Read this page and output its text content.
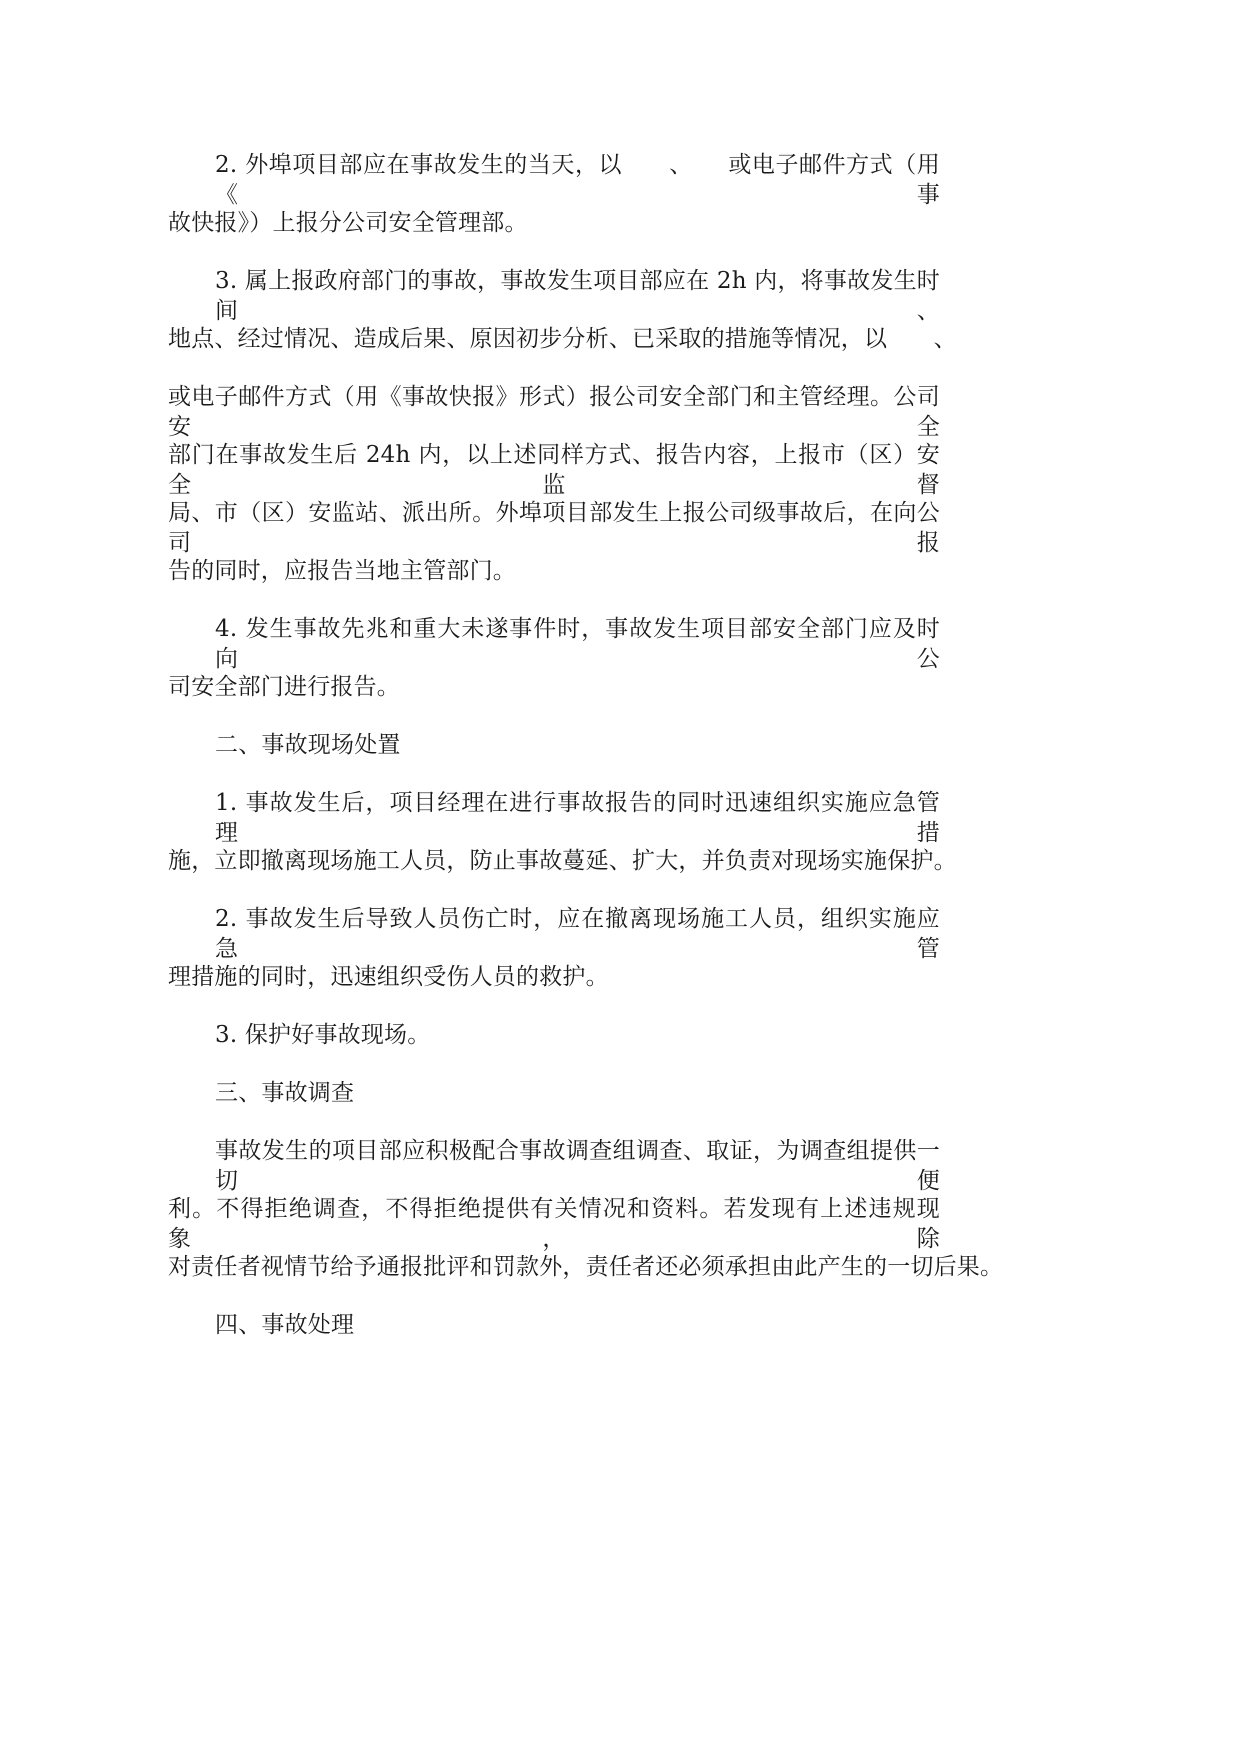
2. 外埠项目部应在事故发生的当天，以　　、　　或电子邮件方式（用《事
故快报》）上报分公司安全管理部。
3. 属上报政府部门的事故，事故发生项目部应在 2h 内，将事故发生时间、
地点、经过情况、造成后果、原因初步分析、已采取的措施等情况，以　　、
或电子邮件方式（用《事故快报》形式）报公司安全部门和主管经理。公司安全
部门在事故发生后 24h 内，以上述同样方式、报告内容，上报市（区）安全监督
局、市（区）安监站、派出所。外埠项目部发生上报公司级事故后，在向公司报
告的同时，应报告当地主管部门。
4. 发生事故先兆和重大未遂事件时，事故发生项目部安全部门应及时向公
司安全部门进行报告。
二、事故现场处置
1. 事故发生后，项目经理在进行事故报告的同时迅速组织实施应急管理措
施，立即撤离现场施工人员，防止事故蔓延、扩大，并负责对现场实施保护。
2. 事故发生后导致人员伤亡时，应在撤离现场施工人员，组织实施应急管
理措施的同时，迅速组织受伤人员的救护。
3. 保护好事故现场。
三、事故调查
事故发生的项目部应积极配合事故调查组调查、取证，为调查组提供一切便
利。不得拒绝调查，不得拒绝提供有关情况和资料。若发现有上述违规现象，除
对责任者视情节给予通报批评和罚款外，责任者还必须承担由此产生的一切后果。
四、事故处理
